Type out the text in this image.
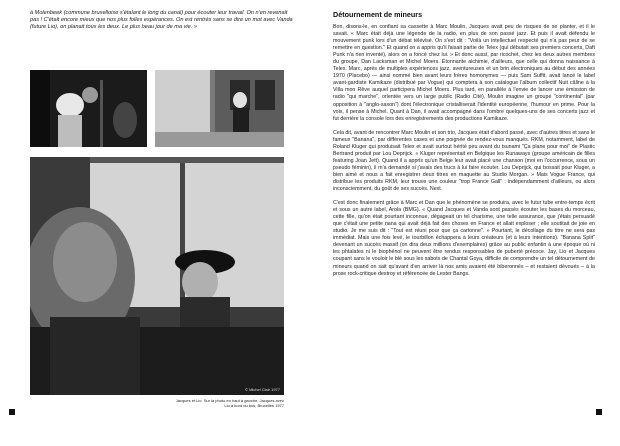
à Molenbeek (commune bruxelloise s'étalant le long du canal) pour écouter leur travail. On n'en revenait pas ! C'était encore mieux que nos plus folles espérances. On est rentrés sans se dire un mot avec Vanda (future Lio), on planait tous les deux. Le plus beau jour de ma vie. »
© Michel Clair 1977
Jacques et Lio. Sur la photo en haut à gauche, Jacques avec Lio à bord du bus, Bruxelles 1977
Détournement de mineurs

Bon, disons-le, en confiant sa cassette à Marc Moulin, Jacques avait peu de risques de se planter, et il le savait. « Marc était déjà une légende de la radio, en plus de son passé jazz. Et puis il avait défendu le mouvement punk lors d'un débat télévisé. On s'est dit : "Voilà un intellectuel respecté qui n'a pas peur de se remettre en question." Et quand on a appris qu'il faisait partie de Telex (qui débutait ses premiers concerts, Daft Punk n'a rien inventé), alors on a foncé chez lui. » Et donc aussi, par ricochet, chez les deux autres membres du groupe, Dan Lacksman et Michel Moers. Étonnante alchimie, d'ailleurs, que celle qui donna naissance à Telex. Marc, après de multiples expériences jazz, aventureuses et un brin électroniques au début des années 1970 (Placebo) — ainsi nommé bien avant leurs frères homonymes — puis Sam Suffit, avait lancé le label avant-gardiste Kamikaze (distribué par Vogue) qui comptera à son catalogue l'album collectif Nuit câline à la Villa mon Rêve auquel participera Michel Moers. Plus tard, en parallèle à l'envie de lancer une émission de radio "qui marche", orientée vers un large public (Radio Cité), Moulin imagine un groupe "continental" (par opposition à "anglo-saxon") dont l'électronique cristalliserait l'identité européenne, l'humour en prime. Pour la voix, il pense à Michel. Quant à Dan, il avait accompagné dans l'ombre quelques-uns de ses concerts jazz et fut derrière la console lors des enregistrements des productions Kamikaze.

Cela dit, avant de rencontrer Marc Moulin et son trio, Jacques était d'abord passé, avec d'autres titres et sans le fameux "Banana", par différentes cases et une poignée de rendez-vous manqués. RKM, notamment, label de Roland Kluger qui produisait Telex et avait surtout hérité peu avant du tsunami "Ça plane pour moi" de Plastic Bertrand produit par Lou Deprijck. « Kluger représentait en Belgique les Runaways (groupe américain de filles featuring Joan Jett). Quand il a appris qu'un Belge leur avait placé une chanson (moi en l'occurrence, sous un pseudo féminin), il m'a demandé si j'avais des trucs à lui faire écouter. Lou Deprijck, qui bossait pour Kluger, a bien aimé et nous a fait enregistrer deux titres en maquette au Studio Morgan. » Mais Vogue France, qui distribue les produits RKM, leur trouve une couleur "trop France Gall" : indépendamment d'ailleurs, ou alors inconsciemment, du goût de ses succès. Next.

C'est donc finalement grâce à Marc et Dan que le phénomène se produira, avec le futur tube entre-temps écrit et sous un autre label, Arola (BMG). « Quand Jacques et Vanda sont passés écouter les bases du morceau, cette fille, qu'on était pourtant inconnue, dégageait un tel charisme, une telle assurance, que j'étais persuadé que c'était une petite nana qui avait déjà fait des choses en France et allait exploser ; elle soutitait de joie en studio. Je me suis dit : "Tout est réuni pour que ça cartonne". » Pourtant, le décollage du titre ne sera pas immédiat. Mais une fois levé, le tourbillon échappera à leurs créateurs (et à leurs intentions). "Banana Split" devenant un succès massif (on dira deux millions d'exemplaires) grâce au public enfantin à une époque où ni les phtalates ni le biophénol ne peuvent être rendus responsables de puberté précoce. Jay, Lio et Jacques coupant sans le vouloir le blé sous les sabots de Chantal Goya, difficile de comprendre un tel détournement de mineurs quand on sait qu'avant d'en arriver là nos amis avaient été biberonnés – et restaient dévoués – à la prose rock-critique destroy et référencée de Lester Bangs.
